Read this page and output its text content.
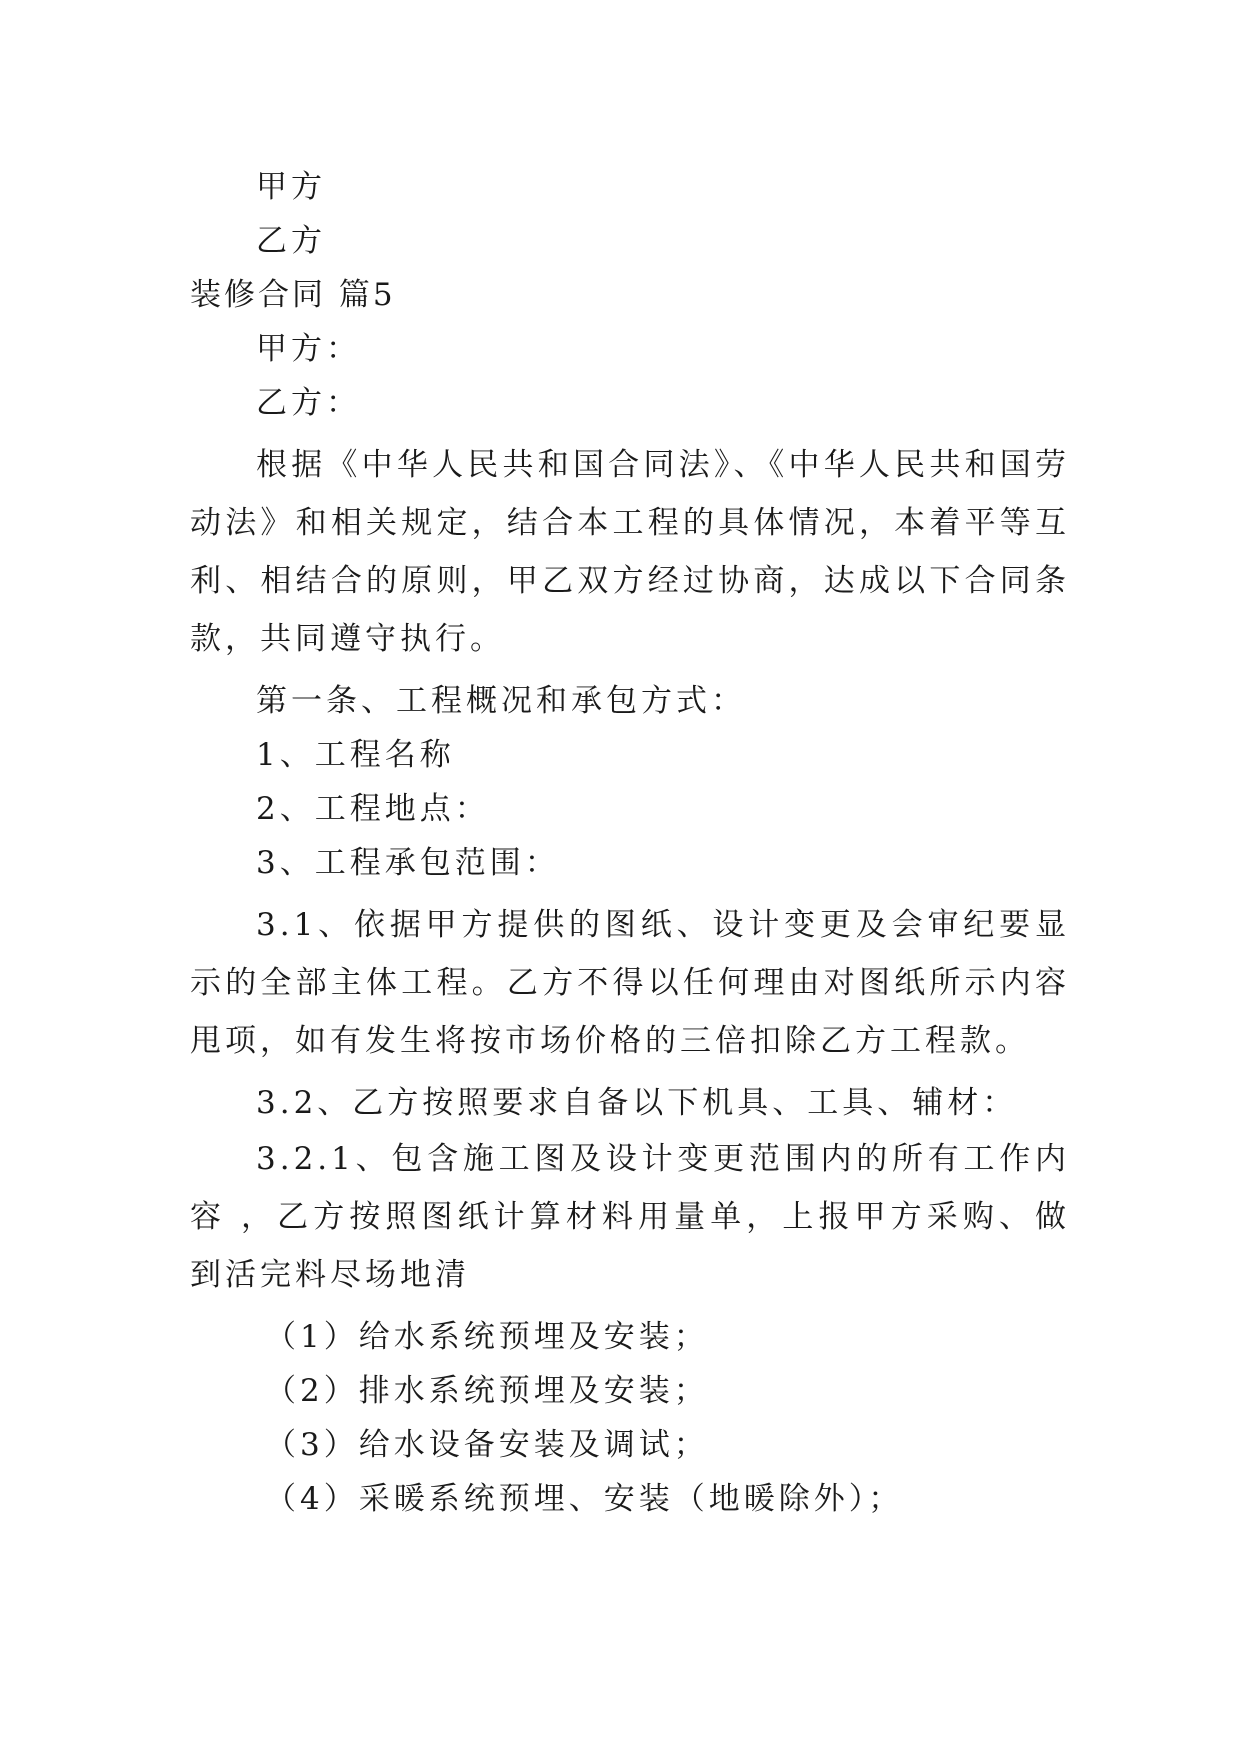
甲方
乙方
装修合同 篇5
甲方：
乙方：

根据《中华人民共和国合同法》、《中华人民共和国劳动法》和相关规定，结合本工程的具体情况，本着平等互利、相结合的原则，甲乙双方经过协商，达成以下合同条款，共同遵守执行。

第一条、工程概况和承包方式：
1、工程名称
2、工程地点：
3、工程承包范围：

3.1、依据甲方提供的图纸、设计变更及会审纪要显示的全部主体工程。乙方不得以任何理由对图纸所示内容甩项，如有发生将按市场价格的三倍扣除乙方工程款。

3.2、乙方按照要求自备以下机具、工具、辅材：

3.2.1、包含施工图及设计变更范围内的所有工作内容 ，乙方按照图纸计算材料用量单，上报甲方采购、做到活完料尽场地清

（1）给水系统预埋及安装；
（2）排水系统预埋及安装；
（3）给水设备安装及调试；
（4）采暖系统预埋、安装（地暖除外）；
